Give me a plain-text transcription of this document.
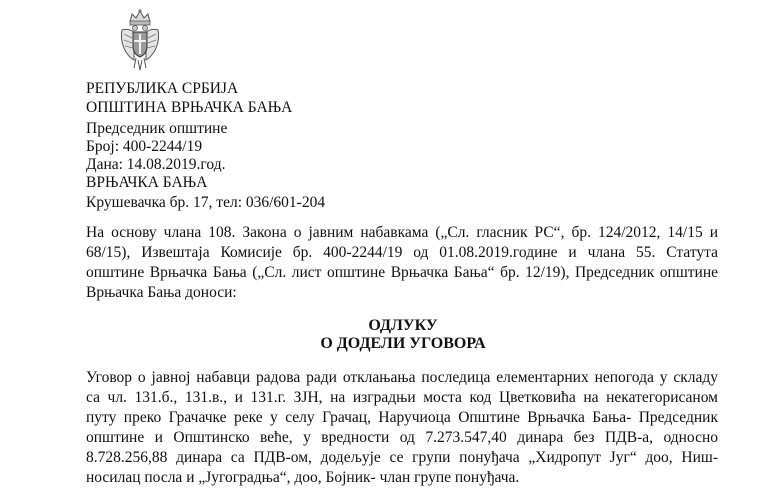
РЕПУБЛИКА СРБИЈА
ОПШТИНА ВРЊАЧКА БАЊА
Председник општине
Број: 400-2244/19
Дана: 14.08.2019.год.
ВРЊАЧКА БАЊА
Крушевачка бр. 17, тел: 036/601-204
На основу члана 108. Закона о јавним набавкама („Сл. гласник РС“, бр. 124/2012, 14/15 и
68/15), Извештаја Комисије бр. 400-2244/19 од 01.08.2019.године и члана 55. Статута
општине Врњачка Бања („Сл. лист општине Врњачка Бања“ бр. 12/19), Председник општине
Врњачка Бања доноси:
ОДЛУКУ
О ДОДЕЛИ УГОВОРА
Уговор о јавној набавци радова ради отклањања последица елементарних непогода у складу
са чл. 131.б., 131.в., и 131.г. ЗЈН, на изградњи моста код Цветковића на некатегорисаном
путу преко Грачачке реке у селу Грачац, Наручиоца Општине Врњачка Бања- Председник
општине и Општинско веће, у вредности од 7.273.547,40 динара без ПДВ-а, односно
8.728.256,88 динара са ПДВ-ом, додељује се групи понуђача „Хидропут Југ“ доо, Ниш-
носилац посла и „Југоградња“, доо, Бојник- члан групе понуђача.
